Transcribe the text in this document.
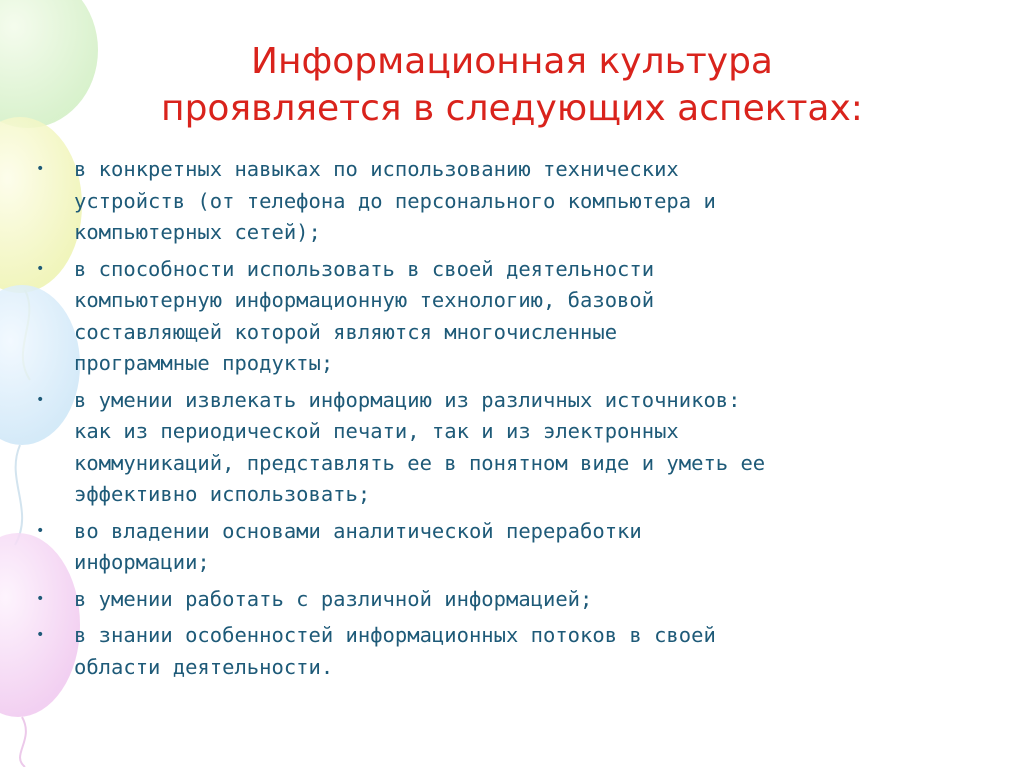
Информационная культура
проявляется в следующих аспектах:
•	в конкретных навыках по использованию технических
устройств (от телефона до персонального компьютера и
компьютерных сетей);
•	в способности использовать в своей деятельности
компьютерную информационную технологию, базовой
составляющей которой являются многочисленные
программные продукты;
•	в умении извлекать информацию из различных источников:
как из периодической печати, так и из электронных
коммуникаций, представлять ее в понятном виде и уметь ее
эффективно использовать;
•	во владении основами аналитической переработки
информации;
•	в умении работать с различной информацией;
•	в знании особенностей информационных потоков в своей
области деятельности.
